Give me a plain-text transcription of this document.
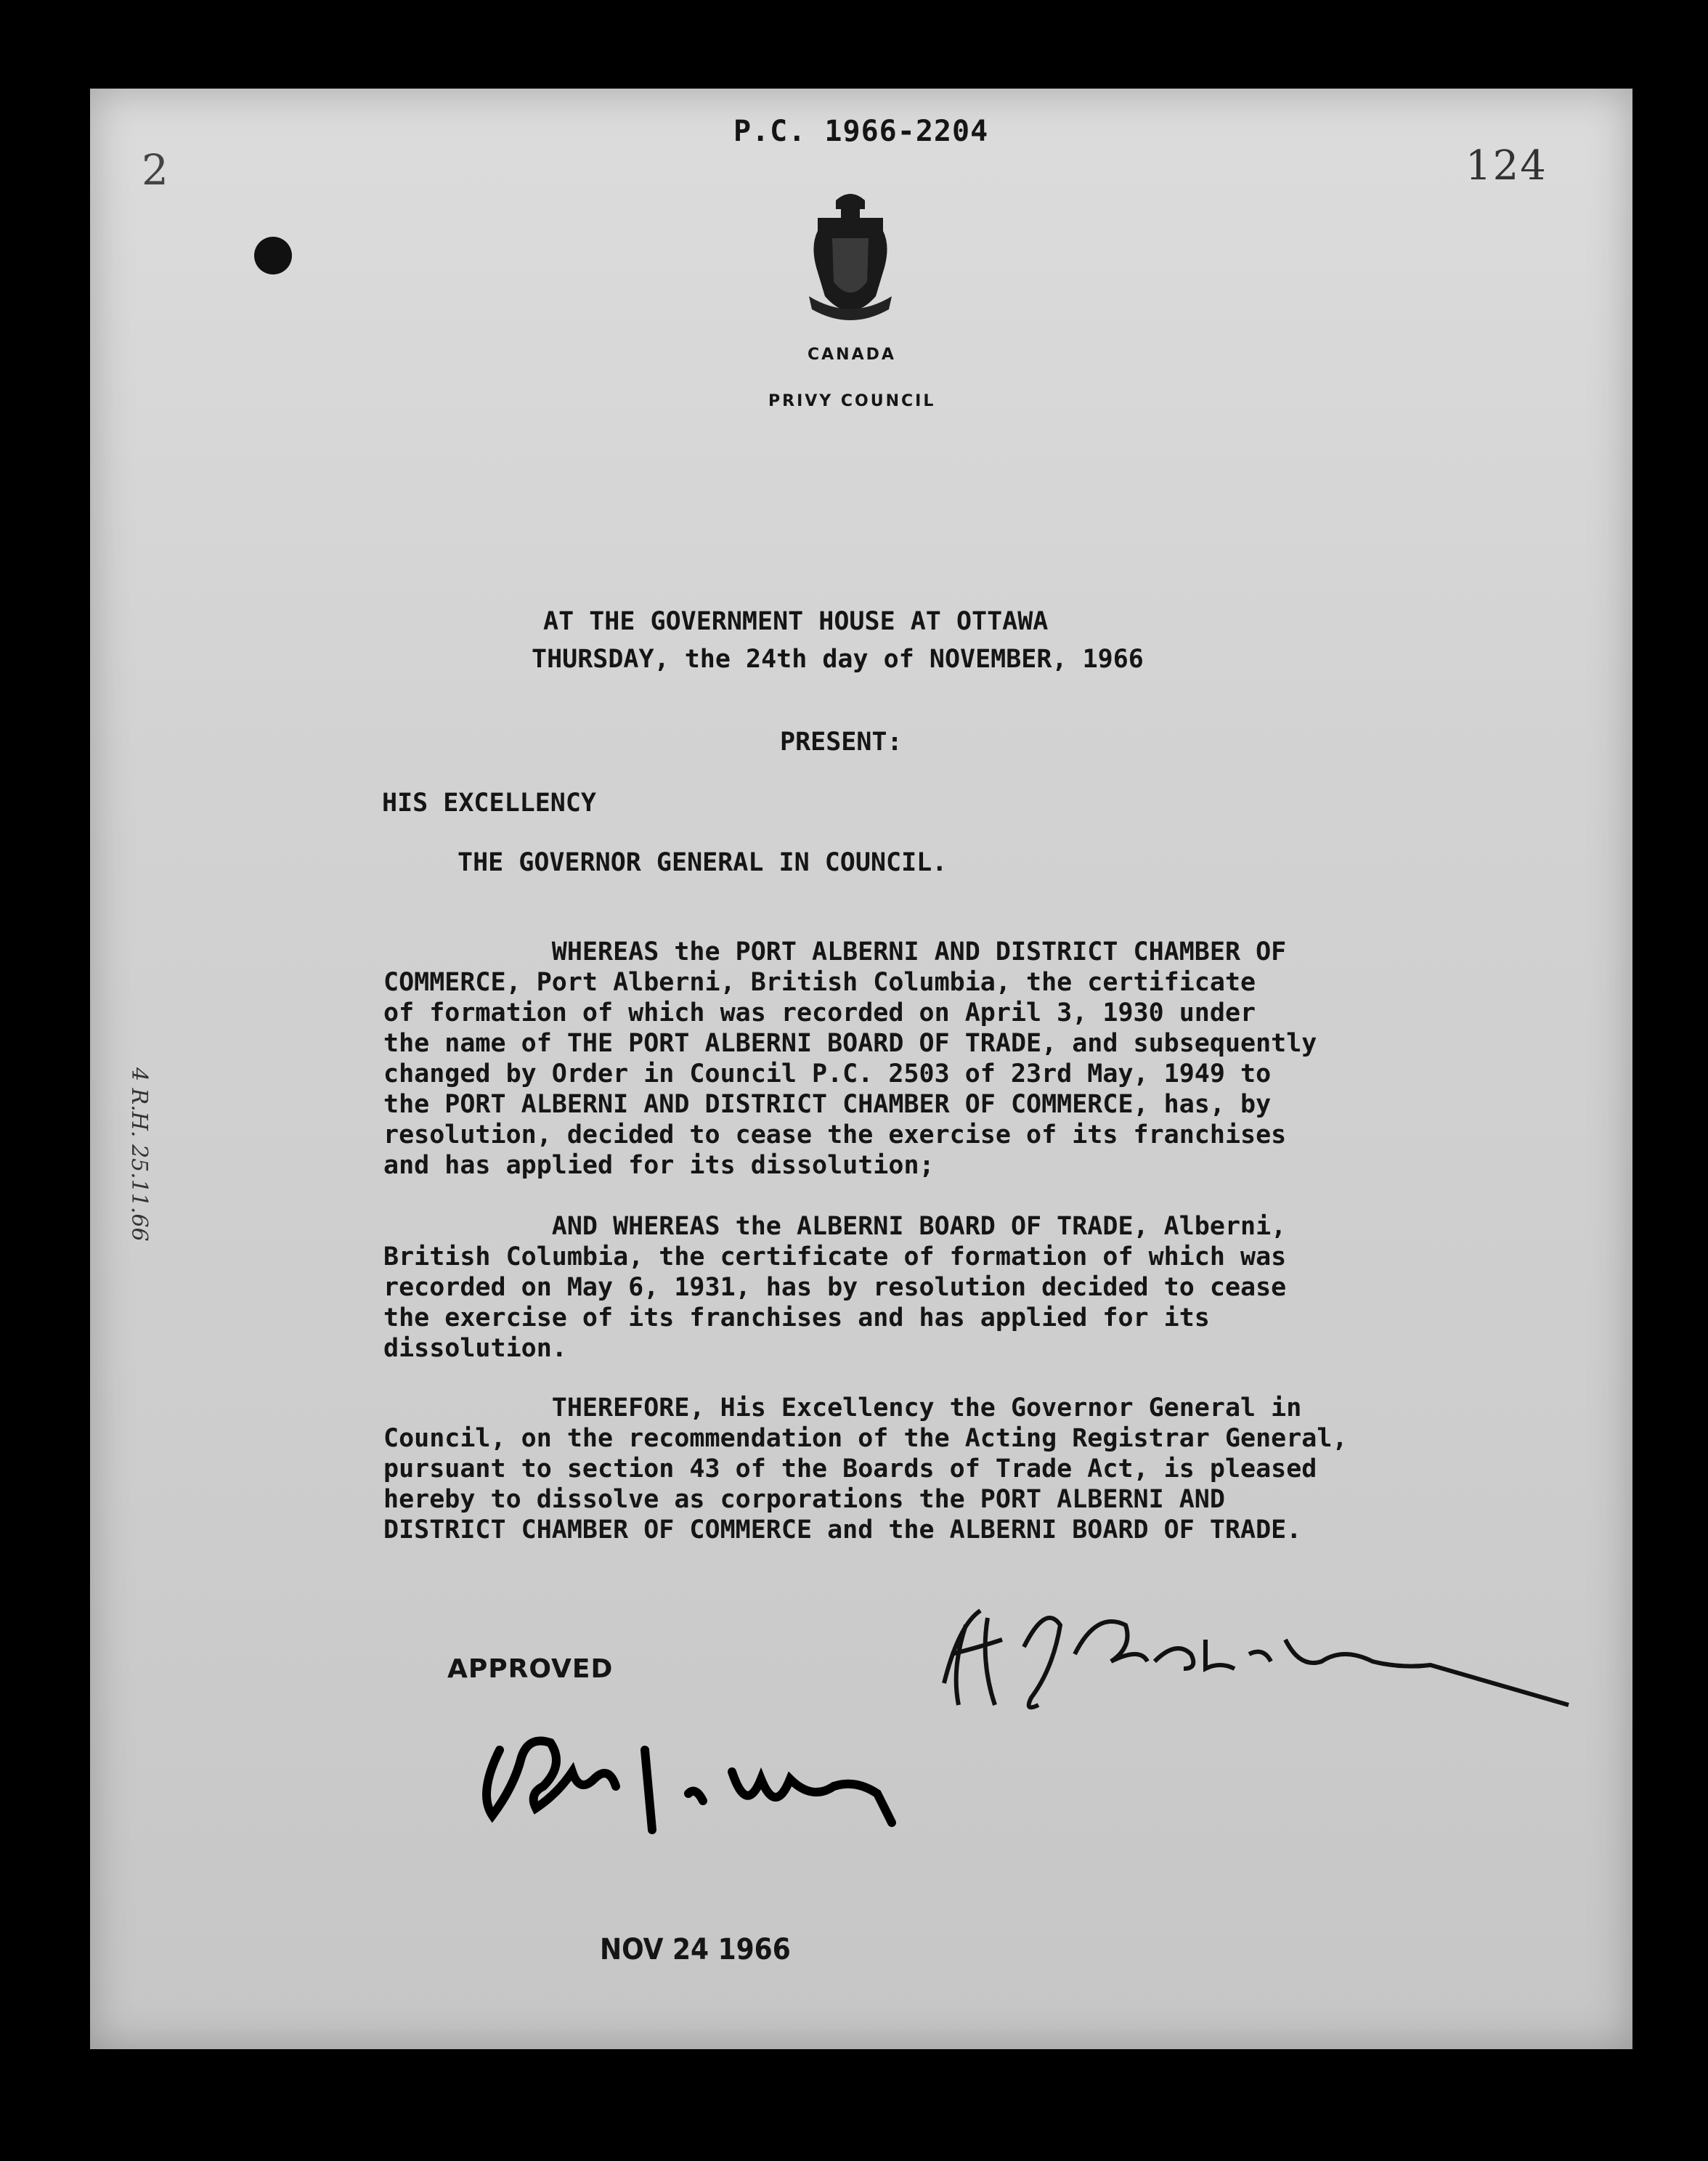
2
P.C. 1966-2204
124
CANADA
PRIVY COUNCIL
AT THE GOVERNMENT HOUSE AT OTTAWA
THURSDAY, the 24th day of NOVEMBER, 1966
PRESENT:
HIS EXCELLENCY
THE GOVERNOR GENERAL IN COUNCIL.
WHEREAS the PORT ALBERNI AND DISTRICT CHAMBER OF
COMMERCE, Port Alberni, British Columbia, the certificate
of formation of which was recorded on April 3, 1930 under
the name of THE PORT ALBERNI BOARD OF TRADE, and subsequently
changed by Order in Council P.C. 2503 of 23rd May, 1949 to
the PORT ALBERNI AND DISTRICT CHAMBER OF COMMERCE, has, by
resolution, decided to cease the exercise of its franchises
and has applied for its dissolution;
AND WHEREAS the ALBERNI BOARD OF TRADE, Alberni,
British Columbia, the certificate of formation of which was
recorded on May 6, 1931, has by resolution decided to cease
the exercise of its franchises and has applied for its
dissolution.
THEREFORE, His Excellency the Governor General in
Council, on the recommendation of the Acting Registrar General,
pursuant to section 43 of the Boards of Trade Act, is pleased
hereby to dissolve as corporations the PORT ALBERNI AND
DISTRICT CHAMBER OF COMMERCE and the ALBERNI BOARD OF TRADE.
4 R.H. 25.11.66
APPROVED
NOV 24 1966
